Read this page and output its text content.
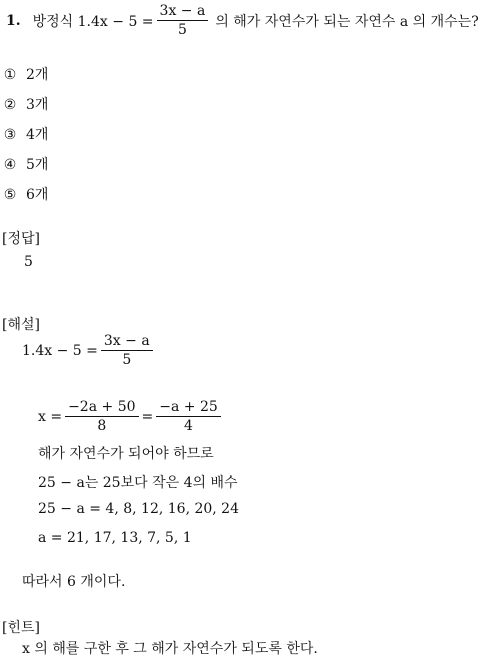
1. 방정식 $1.4x - 5 = \frac{3x - a}{5}$ 의 해가 자연수가 되는 자연수 a 의 개수는?
① 2개
② 3개
③ 4개
④ 5개
⑤ 6개
[정답]
5
[해설]
$1.4x - 5 = \frac{3x - a}{5}$
$x = \frac{-2a + 50}{8} = \frac{-a + 25}{4}$
해가 자연수가 되어야 하므로
25 − a는 25보다 작은 4의 배수
25 − a = 4, 8, 12, 16, 20, 24
a = 21, 17, 13, 7, 5, 1
따라서 6 개이다.
[힌트]
x 의 해를 구한 후 그 해가 자연수가 되도록 한다.
